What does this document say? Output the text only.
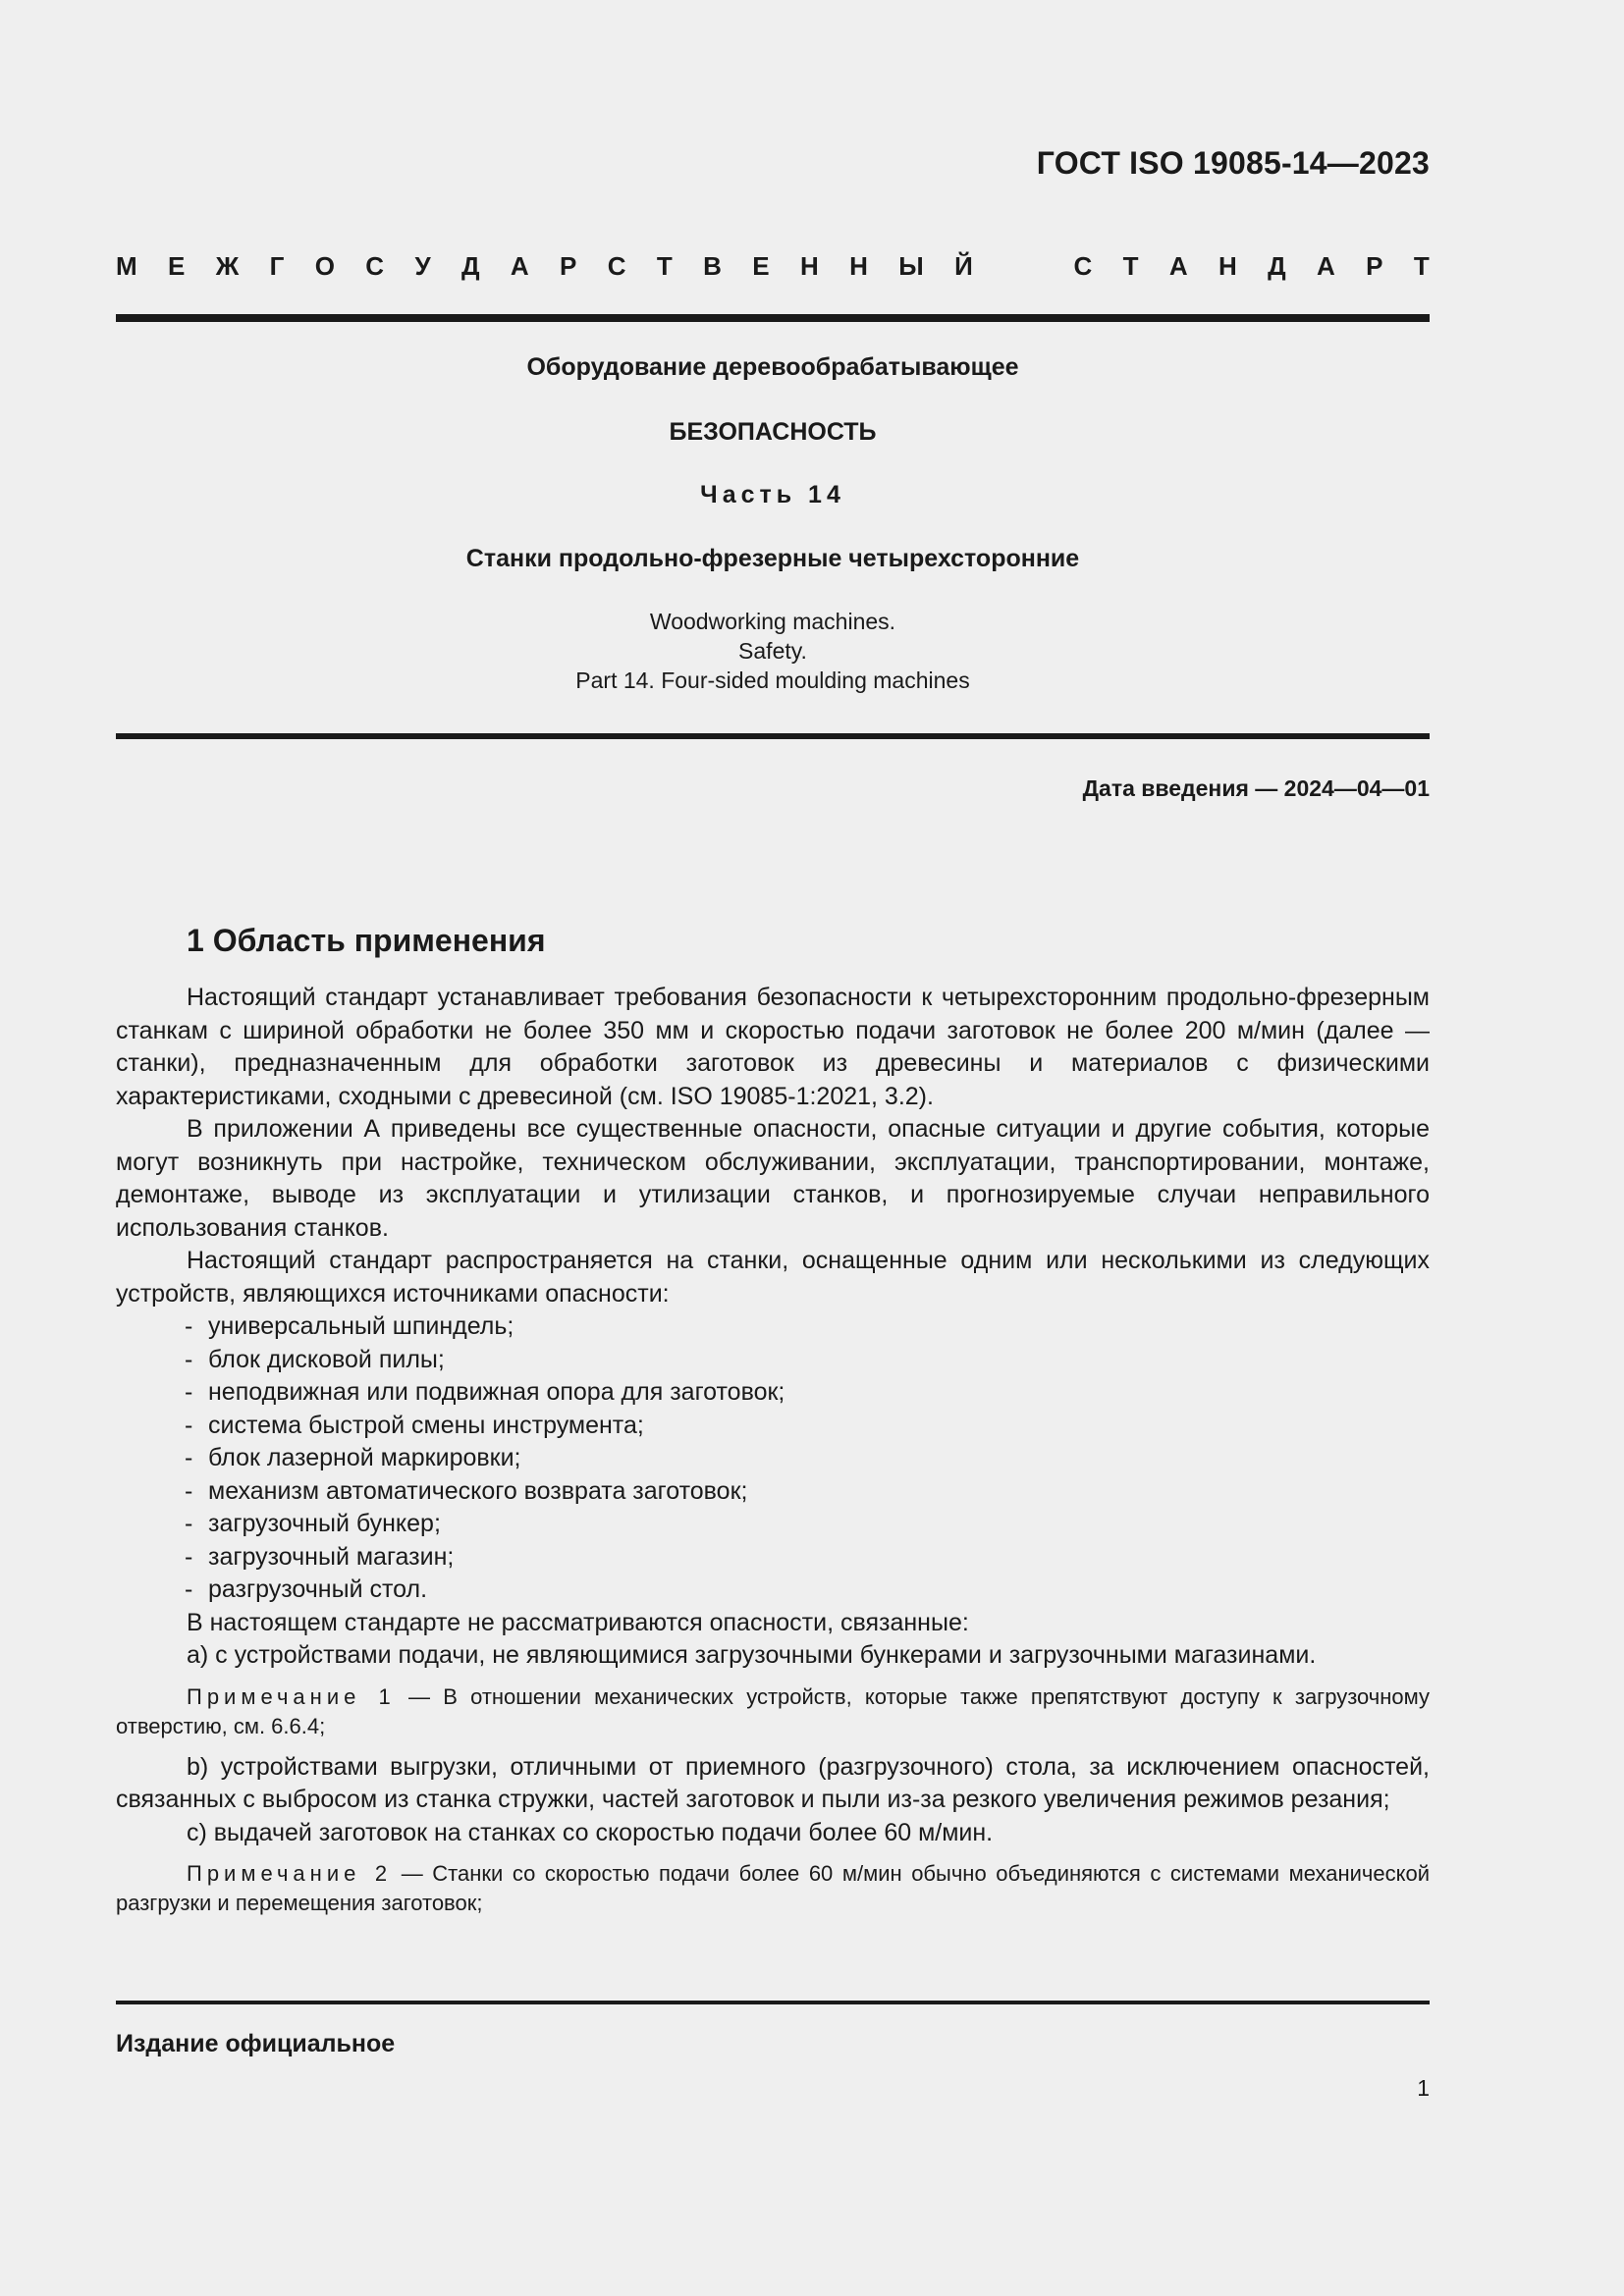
ГОСТ ISO 19085-14—2023
М Е Ж Г О С У Д А Р С Т В Е Н Н Ы Й	С Т А Н Д А Р Т
Оборудование деревообрабатывающее
БЕЗОПАСНОСТЬ
Часть 14
Станки продольно-фрезерные четырехсторонние
Woodworking machines.
Safety.
Part 14. Four-sided moulding machines
Дата введения — 2024—04—01
1 Область применения

Настоящий стандарт устанавливает требования безопасности к четырехсторонним продольно-фрезерным станкам с шириной обработки не более 350 мм и скоростью подачи заготовок не более 200 м/мин (далее — станки), предназначенным для обработки заготовок из древесины и материалов с физическими характеристиками, сходными с древесиной (см. ISO 19085-1:2021, 3.2).

В приложении А приведены все существенные опасности, опасные ситуации и другие события, которые могут возникнуть при настройке, техническом обслуживании, эксплуатации, транспортировании, монтаже, демонтаже, выводе из эксплуатации и утилизации станков, и прогнозируемые случаи неправильного использования станков.

Настоящий стандарт распространяется на станки, оснащенные одним или несколькими из следующих устройств, являющихся источниками опасности:

- универсальный шпиндель;
- блок дисковой пилы;
- неподвижная или подвижная опора для заготовок;
- система быстрой смены инструмента;
- блок лазерной маркировки;
- механизм автоматического возврата заготовок;
- загрузочный бункер;
- загрузочный магазин;
- разгрузочный стол.

В настоящем стандарте не рассматриваются опасности, связанные:

a) с устройствами подачи, не являющимися загрузочными бункерами и загрузочными магазинами.

Примечание 1 — В отношении механических устройств, которые также препятствуют доступу к загрузочному отверстию, см. 6.6.4;

b) устройствами выгрузки, отличными от приемного (разгрузочного) стола, за исключением опасностей, связанных с выбросом из станка стружки, частей заготовок и пыли из-за резкого увеличения режимов резания;

c) выдачей заготовок на станках со скоростью подачи более 60 м/мин.

Примечание 2 — Станки со скоростью подачи более 60 м/мин обычно объединяются с системами механической разгрузки и перемещения заготовок;

Издание официальное
1
